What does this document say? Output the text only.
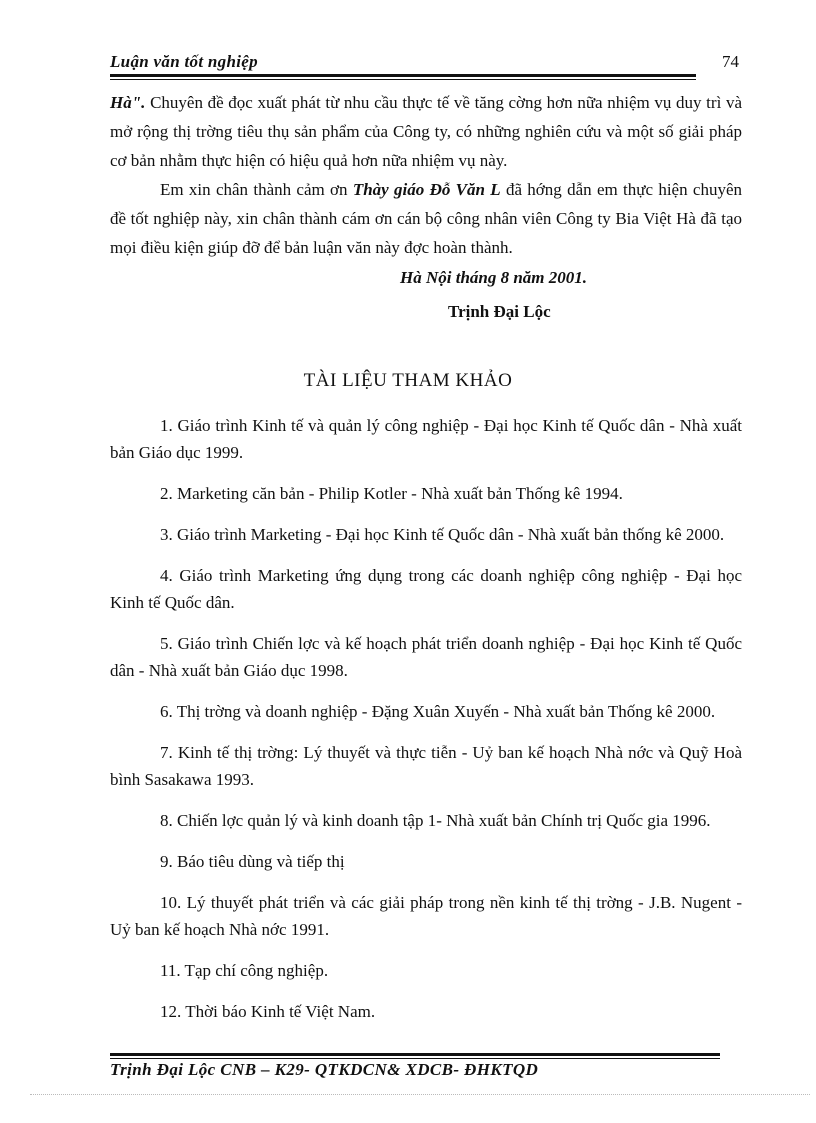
Luận văn tốt nghiệp	74

Hà". Chuyên đề đọc xuất phát từ nhu cầu thực tế về tăng cờng hơn nữa nhiệm vụ duy trì và mở rộng thị trờng tiêu thụ sản phẩm của Công ty, có những nghiên cứu và một số giải pháp cơ bản nhằm thực hiện có hiệu quả hơn nữa nhiệm vụ này.

Em xin chân thành cảm ơn Thày giáo Đỗ Văn L đã hớng dẫn em thực hiện chuyên đề tốt nghiệp này, xin chân thành cám ơn cán bộ công nhân viên Công ty Bia Việt Hà đã tạo mọi điều kiện giúp đỡ để bản luận văn này đợc hoàn thành.

Hà Nội tháng 8 năm 2001.
Trịnh Đại Lộc
TÀI LIỆU THAM KHẢO

1. Giáo trình Kinh tế và quản lý công nghiệp - Đại học Kinh tế Quốc dân - Nhà xuất bản Giáo dục 1999.

2. Marketing căn bản - Philip Kotler - Nhà xuất bản Thống kê 1994.

3. Giáo trình Marketing - Đại học Kinh tế Quốc dân - Nhà xuất bản thống kê 2000.

4. Giáo trình Marketing ứng dụng trong các doanh nghiệp công nghiệp - Đại học Kinh tế Quốc dân.

5. Giáo trình Chiến lợc và kế hoạch phát triển doanh nghiệp - Đại học Kinh tế Quốc dân - Nhà xuất bản Giáo dục 1998.

6. Thị trờng và doanh nghiệp - Đặng Xuân Xuyến - Nhà xuất bản Thống kê 2000.

7. Kinh tế thị trờng: Lý thuyết và thực tiễn - Uỷ ban kế hoạch Nhà nớc và Quỹ Hoà bình Sasakawa 1993.

8. Chiến lợc quản lý và kinh doanh tập 1- Nhà xuất bản Chính trị Quốc gia 1996.

9. Báo tiêu dùng và tiếp thị

10. Lý thuyết phát triển và các giải pháp trong nền kinh tế thị trờng - J.B. Nugent - Uỷ ban kế hoạch Nhà nớc 1991.

11. Tạp chí công nghiệp.

12. Thời báo Kinh tế Việt Nam.

Trịnh Đại Lộc CNB – K29- QTKDCN& XDCB- ĐHKTQD
